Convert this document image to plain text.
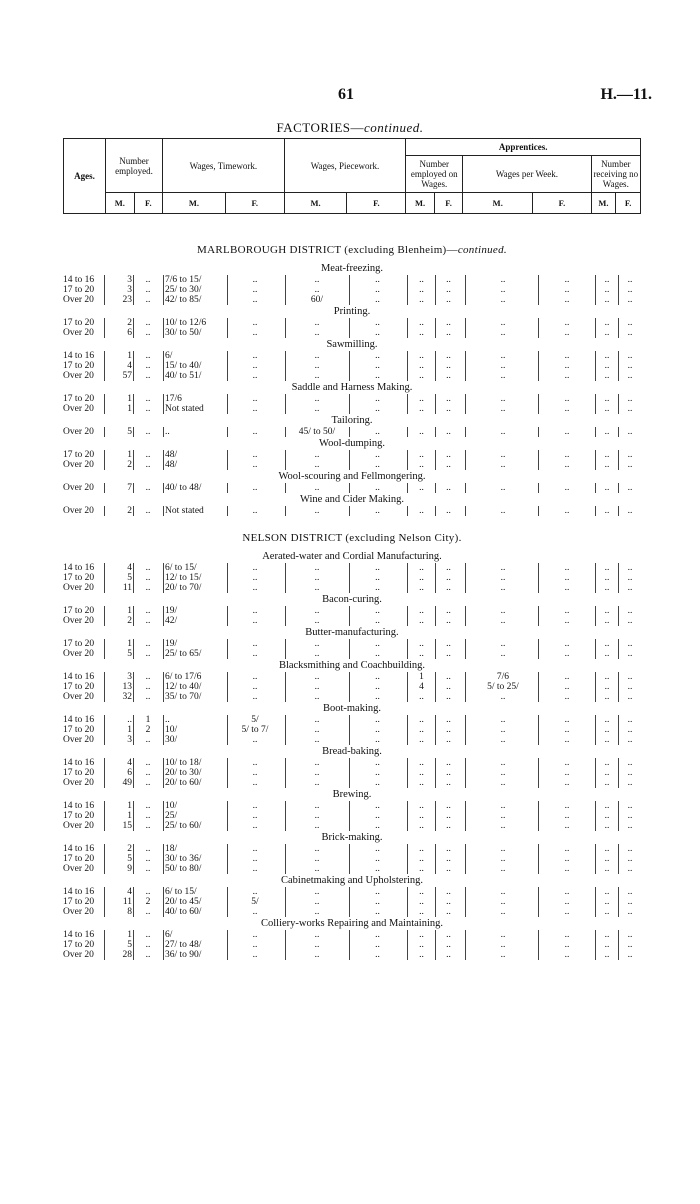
61	H.—11.
FACTORIES—continued.
Ages.	Number employed.		Wages, Timework.		Wages, Piecework.		Apprentices.					
							Number employed on Wages.		Wages per Week.		Number receiving no Wages.	
	M.	F.	M.	F.	M.	F.	M.	F.	M.	F.	M.	F.
MARLBOROUGH DISTRICT (excluding Blenheim)—continued.
Meat-freezing.
14 to 16	3	..	7/6 to 15/	..	..	..	..	..	..	..	..	..
17 to 20	3	..	25/ to 30/	..	..	..	..	..	..	..	..	..
Over 20	23	..	42/ to 85/	..	60/	..	..	..	..	..	..	..
Printing.
17 to 20	2	..	10/ to 12/6	..	..	..	..	..	..	..	..	..
Over 20	6	..	30/ to 50/	..	..	..	..	..	..	..	..	..
Sawmilling.
14 to 16	1	..	6/	..	..	..	..	..	..	..	..	..
17 to 20	4	..	15/ to 40/	..	..	..	..	..	..	..	..	..
Over 20	57	..	40/ to 51/	..	..	..	..	..	..	..	..	..
Saddle and Harness Making.
17 to 20	1	..	17/6	..	..	..	..	..	..	..	..	..
Over 20	1	..	Not stated	..	..	..	..	..	..	..	..	..
Tailoring.
Over 20	5	..	..	..	45/ to 50/	..	..	..	..	..	..	..
Wool-dumping.
17 to 20	1	..	48/	..	..	..	..	..	..	..	..	..
Over 20	2	..	48/	..	..	..	..	..	..	..	..	..
Wool-scouring and Fellmongering.
Over 20	7	..	40/ to 48/	..	..	..	..	..	..	..	..	..
Wine and Cider Making.
Over 20	2	..	Not stated	..	..	..	..	..	..	..	..	..
NELSON DISTRICT (excluding Nelson City).
Aerated-water and Cordial Manufacturing.
14 to 16	4	..	6/ to 15/	..	..	..	..	..	..	..	..	..
17 to 20	5	..	12/ to 15/	..	..	..	..	..	..	..	..	..
Over 20	11	..	20/ to 70/	..	..	..	..	..	..	..	..	..
Bacon-curing.
17 to 20	1	..	19/	..	..	..	..	..	..	..	..	..
Over 20	2	..	42/	..	..	..	..	..	..	..	..	..
Butter-manufacturing.
17 to 20	1	..	19/	..	..	..	..	..	..	..	..	..
Over 20	5	..	25/ to 65/	..	..	..	..	..	..	..	..	..
Blacksmithing and Coachbuilding.
14 to 16	3	..	6/ to 17/6	..	..	..	1	..	7/6	..	..	..
17 to 20	13	..	12/ to 40/	..	..	..	4	..	5/ to 25/	..	..	..
Over 20	32	..	35/ to 70/	..	..	..	..	..	..	..	..	..
Boot-making.
14 to 16	..	1	..	5/	..	..	..	..	..	..	..	..
17 to 20	1	2	10/	5/ to 7/	..	..	..	..	..	..	..	..
Over 20	3	..	30/	..	..	..	..	..	..	..	..	..
Bread-baking.
14 to 16	4	..	10/ to 18/	..	..	..	..	..	..	..	..	..
17 to 20	6	..	20/ to 30/	..	..	..	..	..	..	..	..	..
Over 20	49	..	20/ to 60/	..	..	..	..	..	..	..	..	..
Brewing.
14 to 16	1	..	10/	..	..	..	..	..	..	..	..	..
17 to 20	1	..	25/	..	..	..	..	..	..	..	..	..
Over 20	15	..	25/ to 60/	..	..	..	..	..	..	..	..	..
Brick-making.
14 to 16	2	..	18/	..	..	..	..	..	..	..	..	..
17 to 20	5	..	30/ to 36/	..	..	..	..	..	..	..	..	..
Over 20	9	..	50/ to 80/	..	..	..	..	..	..	..	..	..
Cabinetmaking and Upholstering.
14 to 16	4	..	6/ to 15/	..	..	..	..	..	..	..	..	..
17 to 20	11	2	20/ to 45/	5/	..	..	..	..	..	..	..	..
Over 20	8	..	40/ to 60/	..	..	..	..	..	..	..	..	..
Colliery-works Repairing and Maintaining.
14 to 16	1	..	6/	..	..	..	..	..	..	..	..	..
17 to 20	5	..	27/ to 48/	..	..	..	..	..	..	..	..	..
Over 20	28	..	36/ to 90/	..	..	..	..	..	..	..	..	..
